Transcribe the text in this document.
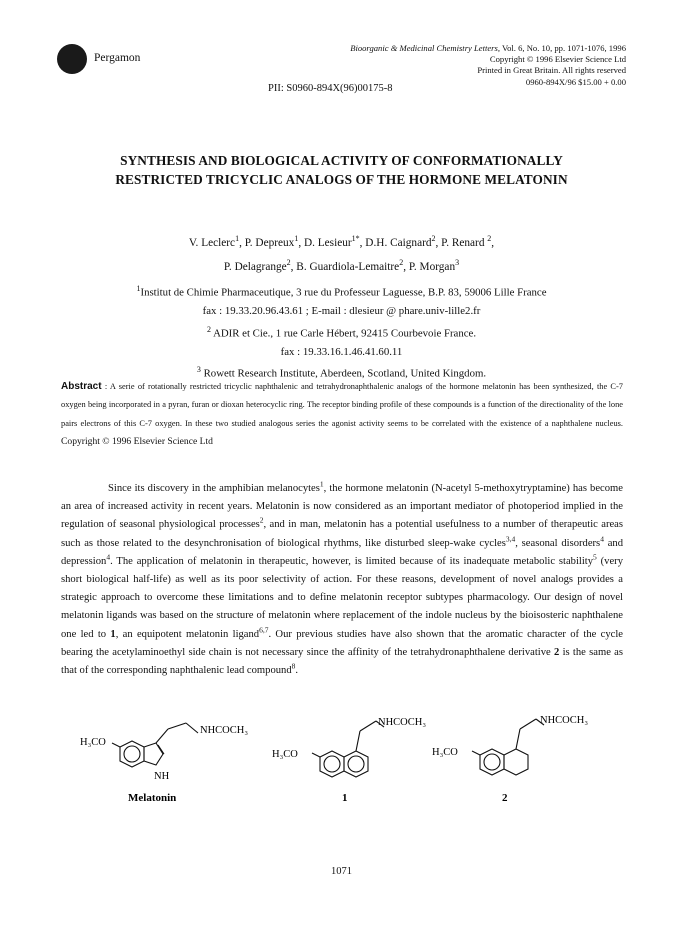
Pergamon
Bioorganic & Medicinal Chemistry Letters, Vol. 6, No. 10, pp. 1071-1076, 1996
Copyright © 1996 Elsevier Science Ltd
Printed in Great Britain. All rights reserved
0960-894X/96 $15.00 + 0.00
PII: S0960-894X(96)00175-8
SYNTHESIS AND BIOLOGICAL ACTIVITY OF CONFORMATIONALLY
RESTRICTED TRICYCLIC ANALOGS OF THE HORMONE MELATONIN
V. Leclerc$^1$, P. Depreux$^1$, D. Lesieur$^{1*}$, D.H. Caignard$^2$, P. Renard $^2$,
P. Delagrange$^2$, B. Guardiola-Lemaitre$^2$, P. Morgan$^3$
$^1$Institut de Chimie Pharmaceutique, 3 rue du Professeur Laguesse, B.P. 83, 59006 Lille France
fax : 19.33.20.96.43.61 ; E-mail : dlesieur @ phare.univ-lille2.fr
$^2$ ADIR et Cie., 1 rue Carle Hébert, 92415 Courbevoie France.
fax : 19.33.16.1.46.41.60.11
$^3$ Rowett Research Institute, Aberdeen, Scotland, United Kingdom.
Abstract : A serie of rotationally restricted tricyclic naphthalenic and tetrahydronaphthalenic analogs of the hormone melatonin has been synthesized, the C-7 oxygen being incorporated in a pyran, furan or dioxan heterocyclic ring. The receptor binding profile of these compounds is a function of the directionality of the lone pairs electrons of this C-7 oxygen. In these two studied analogous series the agonist activity seems to be correlated with the existence of a naphthalene nucleus. Copyright © 1996 Elsevier Science Ltd

Since its discovery in the amphibian melanocytes$^1$, the hormone melatonin (N-acetyl 5-methoxytryptamine) has become an area of increased activity in recent years. Melatonin is now considered as an important mediator of photoperiod implied in the regulation of seasonal physiological processes$^2$, and in man, melatonin has a potential usefulness to a number of therapeutic areas such as those related to the desynchronisation of biological rhythms, like disturbed sleep-wake cycles$^{3,4}$, seasonal disorders$^4$ and depression$^4$. The application of melatonin in therapeutic, however, is limited because of its inadequate metabolic stability$^5$ (very short biological half-life) as well as its poor selectivity of action. For these reasons, development of novel analogs provides a strategic approach to overcome these limitations and to define melatonin receptor subtypes pharmacology. Our design of novel melatonin ligands was based on the structure of melatonin where replacement of the indole nucleus by the bioisosteric naphthalene one led to 1, an equipotent melatonin ligand$^{6,7}$. Our previous studies have also shown that the aromatic character of the cycle bearing the acetylaminoethyl side chain is not necessary since the affinity of the tetrahydronaphthalene derivative 2 is the same as that of the corresponding naphthalenic lead compound$^8$.

H₃CO
NHCOCH₃
NH
Melatonin
H₃CO
NHCOCH₃
1
H₃CO
NHCOCH₃
2
1071
